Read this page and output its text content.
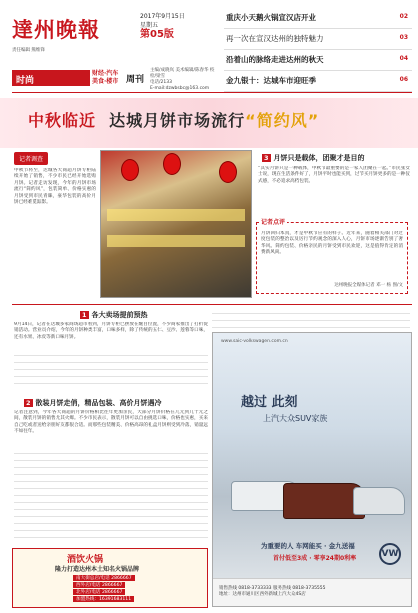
達州晚報
2017年9月15日
星期五
第05版
责任编辑 熊维锋
重庆小天鹅火锅宣汉店开业	02
再一次在宣汉达州的独特魅力	03
沿着山的脉络走进达州的秋天	04
金九银十：达城车市迎旺季	06
时尚
财经·汽车
美食·楼市 周刊
主编/成晓岚 美术编辑/陈春华 校检/梁雪
电话/2133
E-mail:dzwbsbc@163.com
中秋临近 达城月饼市场流行“简约风”
记者调查
中秋节将至，达城各大商超月饼专柜陆续开始了销售，不少市民已经开始选购月饼。记者走访发现，今年的月饼市场流行“简约风”，包装简单、价格实惠的月饼受到市民青睐，豪华包装的高价月饼已经难觅踪影。
3 月饼只是载体，团聚才是目的
“其实月饼只是一种载体，中秋节最重要的是一家人团聚在一起。”市民张女士说，现在生活条件好了，月饼平时也能买到，过节买月饼更多的是一种仪式感，不必追求高档包装。
月饼回归本真，才是中秋节应有的样子。近年来，随着相关部门对过度包装的整治以及厉行节约观念的深入人心，月饼市场逐渐告别了奢华风。简约包装、价格亲民的月饼受到市民欢迎，这是值得肯定的消费新风尚。
达州晚报全媒体记者 邓一 杨 图/文
记者点评
1 各大卖场提前预热
9月14日，记者在达城多家商场超市看到，月饼专柜已摆放在醒目位置，不少商家推出了打折促销活动。营业员介绍，今年的月饼种类丰富，口味多样，除了传统的五仁、豆沙、莲蓉等口味，还有水果、冰皮等新口味月饼。
2 散装月饼走俏，精品包装、高价月饼遇冷
记者注意到，今年各大商超的月饼价格相比往年更加亲民，大部分月饼价格在几元到几十元之间，散装月饼的销售尤其火爆。不少市民表示，散装月饼可以自由挑选口味，价格也实惠，买来自己吃或者送给亲朋好友都很合适。而那些包装精美、价格高昂的礼盒月饼则受到冷落，销量远不如往年。
www.saic-volkswagen.com.cn
越过 此刻
上汽大众SUV家族
为重要的人 车网能买 · 金九送福
首付低至3成 · 零享24期0利率	VW
销售热线 0818-3733333 服务热线 0818-3735555
地址：达州市通川区西外新城上汽大众4S店
酒饮火锅
隆力打造达州本土知名火锅品牌
南大街总店/电话 2866667
西外店/电话 2866667
北外店/电话 2866667
加盟热线：16391683111
